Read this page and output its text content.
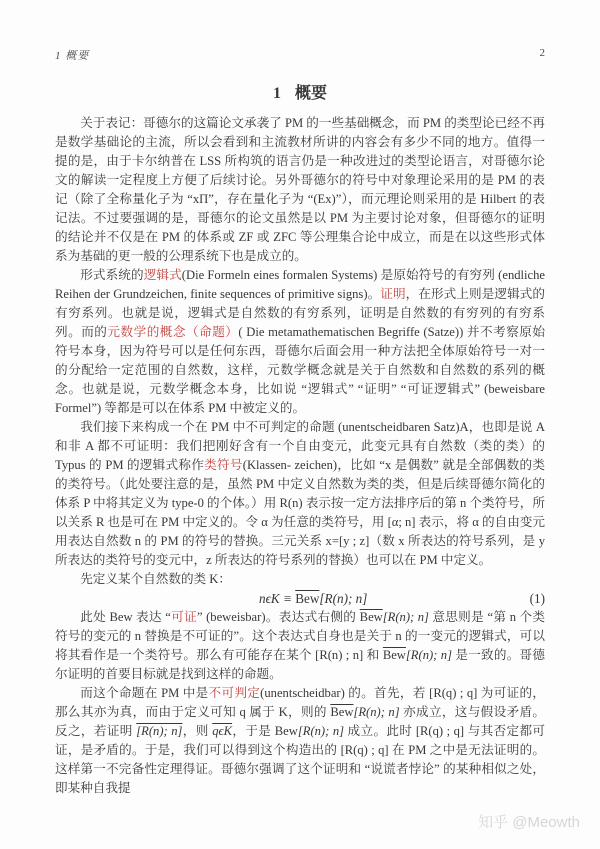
1 概要	2
1 概要

关于表记：哥德尔的这篇论文承袭了 PM 的一些基础概念，而 PM 的类型论已经不再是数学基础论的主流，所以会看到和主流教材所讲的内容会有多少不同的地方。值得一提的是，由于卡尔纳普在 LSS 所构筑的语言仍是一种改进过的类型论语言，对哥德尔论文的解读一定程度上方便了后续讨论。另外哥德尔的符号中对象理论采用的是 PM 的表记（除了全称量化子为 “xΠ”，存在量化子为 “(Ex)”），而元理论则采用的是 Hilbert 的表记法。不过要强调的是，哥德尔的论文虽然是以 PM 为主要讨论对象，但哥德尔的证明的结论并不仅是在 PM 的体系或 ZF 或 ZFC 等公理集合论中成立，而是在以这些形式体系为基础的更一般的公理系统下也是成立的。

形式系统的逻辑式(Die Formeln eines formalen Systems) 是原始符号的有穷列 (endliche Reihen der Grundzeichen, finite sequences of primitive signs)。证明，在形式上则是逻辑式的有穷系列。也就是说，逻辑式是自然数的有穷系列，证明是自然数的有穷列的有穷系列。而的元数学的概念（命题）( Die metamathematischen Begriffe (Satze)) 并不考察原始符号本身，因为符号可以是任何东西，哥德尔后面会用一种方法把全体原始符号一对一的分配给一定范围的自然数，这样，元数学概念就是关于自然数和自然数的系列的概念。也就是说，元数学概念本身，比如说 “逻辑式” “证明” “可证逻辑式” (beweisbare Formel”) 等都是可以在体系 PM 中被定义的。

我们接下来构成一个在 PM 中不可判定的命题 (unentscheidbaren Satz)A，也即是说 A 和非 A 都不可证明：我们把刚好含有一个自由变元，此变元具有自然数（类的类）的 Typus 的 PM 的逻辑式称作类符号(Klassen- zeichen)，比如 “x 是偶数” 就是全部偶数的类的类符号。（此处要注意的是，虽然 PM 中定义自然数为类的类，但是后续哥德尔简化的体系 P 中将其定义为 type-0 的个体。）用 R(n) 表示按一定方法排序后的第 n 个类符号，所以关系 R 也是可在 PM 中定义的。令 α 为任意的类符号，用 [α; n] 表示，将 α 的自由变元用表达自然数 n 的 PM 的符号的替换。三元关系 x=[y ; z]（数 x 所表达的符号系列，是 y 所表达的类符号的变元中，z 所表达的符号系列的替换）也可以在 PM 中定义。

先定义某个自然数的类 K：

$n\epsilon K \equiv \overline{Bew}[R(n)$; n]	(1)

此处 Bew 表达 “可证” (beweisbar)。表达式右侧的 $\overline{Bew}[R(n)$; n] 意思则是 “第 n 个类符号的变元的 n 替换是不可证的”。这个表达式自身也是关于 n 的一变元的逻辑式，可以将其看作是一个类符号。那么有可能存在某个 [R(n) ; n] 和 $\overline{Bew}[R(n)$; n] 是一致的。哥德尔证明的首要目标就是找到这样的命题。

而这个命题在 PM 中是不可判定(unentscheidbar) 的。首先，若 [R(q) ; q] 为可证的，那么其亦为真，而由于定义可知 q 属于 K，则的 $\overline{Bew}[R(n)$; n] 亦成立，这与假设矛盾。反之，若证明 [R(n); n]，则 $\overline{q\epsilon K}$，于是 Bew[R(n); n] 成立。此时 [R(q) ; q] 与其否定都可证，是矛盾的。于是，我们可以得到这个构造出的 [R(q) ; q] 在 PM 之中是无法证明的。这样第一不完备性定理得证。哥德尔强调了这个证明和 “说谎者悖论” 的某种相似之处，即某种自我提

知乎 @Meowth
